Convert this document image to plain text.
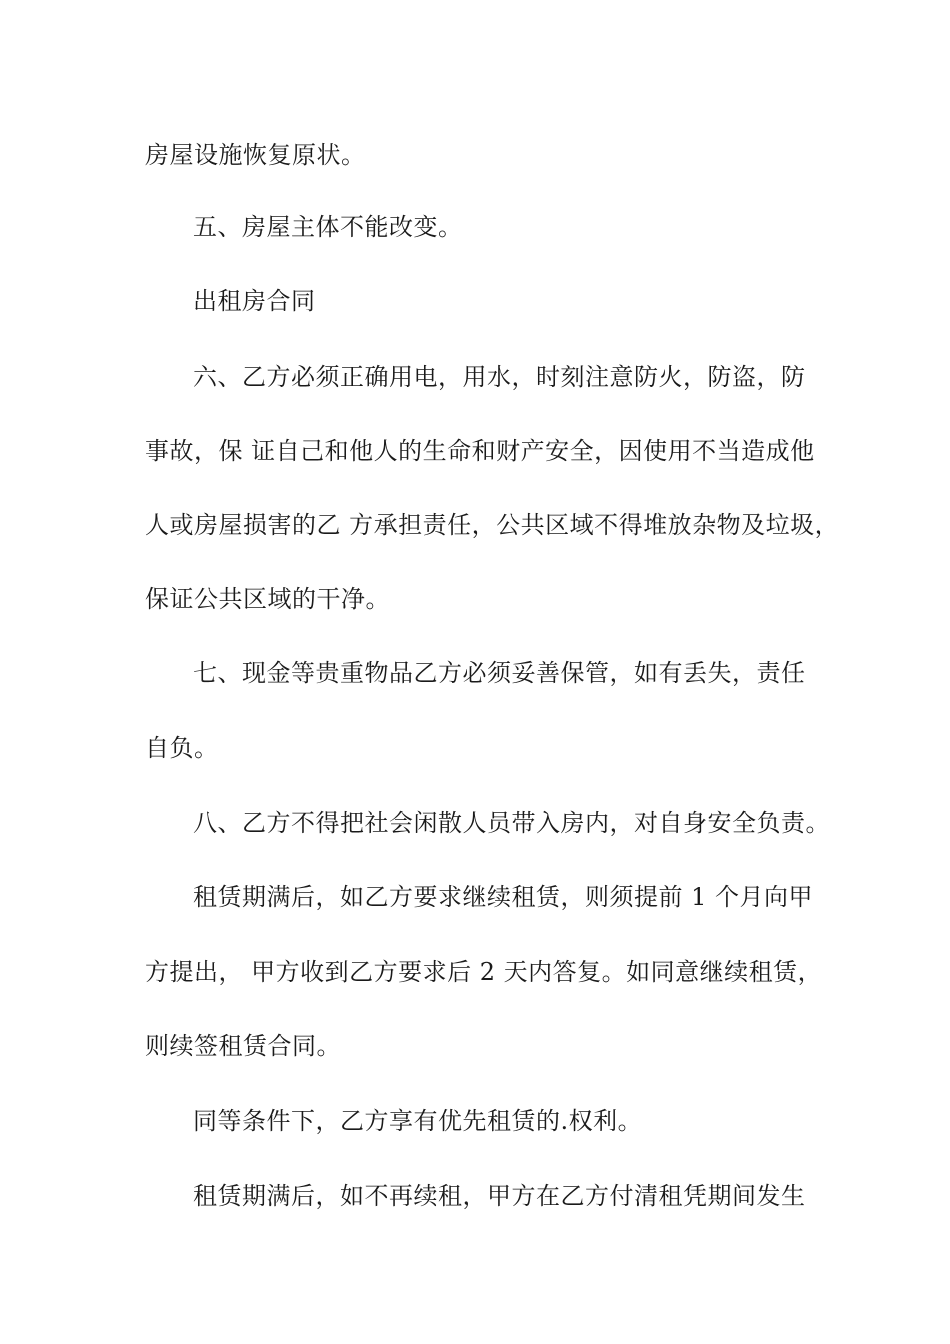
房屋设施恢复原状。
五、房屋主体不能改变。
出租房合同
六、乙方必须正确用电，用水，时刻注意防火，防盗，防
事故，保 证自己和他人的生命和财产安全，因使用不当造成他
人或房屋损害的乙 方承担责任，公共区域不得堆放杂物及垃圾，
保证公共区域的干净。
七、现金等贵重物品乙方必须妥善保管，如有丢失，责任
自负。
八、乙方不得把社会闲散人员带入房内，对自身安全负责。
租赁期满后，如乙方要求继续租赁，则须提前 1 个月向甲
方提出， 甲方收到乙方要求后 2 天内答复。如同意继续租赁，
则续签租赁合同。
同等条件下，乙方享有优先租赁的.权利。
租赁期满后，如不再续租，甲方在乙方付清租凭期间发生
